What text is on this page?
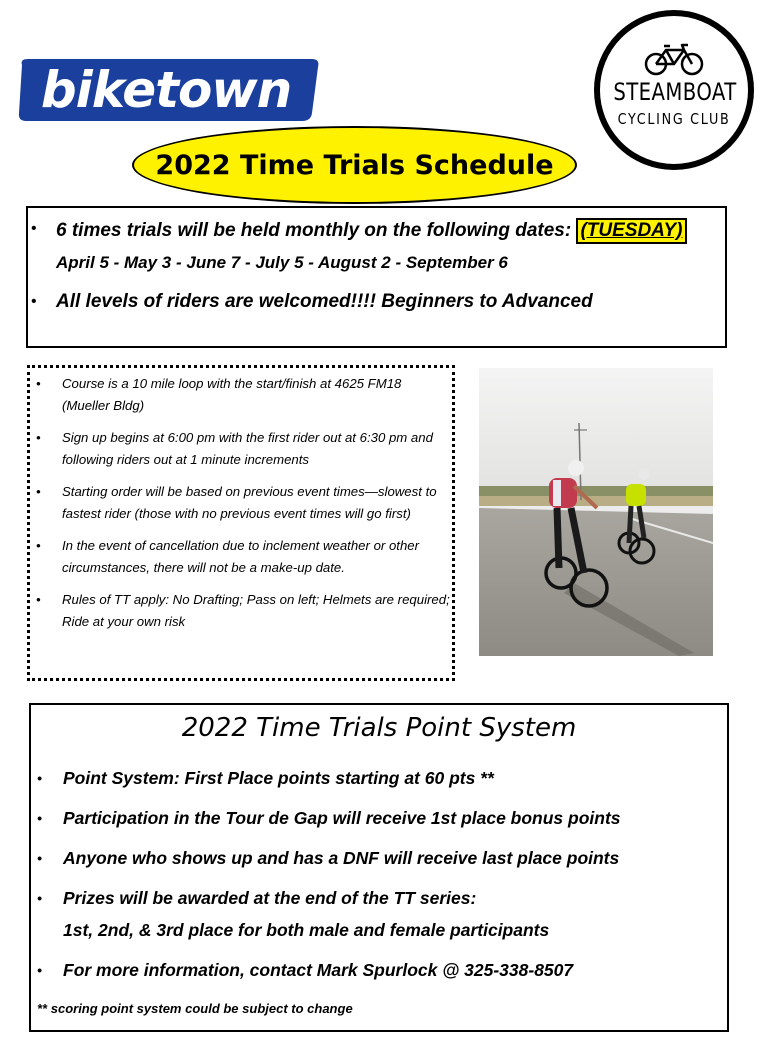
biketown	STEAMBOAT
CYCLING CLUB
2022 Time Trials Schedule
• 6 times trials will be held monthly on the following dates: (TUESDAY)
April 5 - May 3 - June 7 - July 5 - August 2 - September 6
• All levels of riders are welcomed!!!! Beginners to Advanced
• Course is a 10 mile loop with the start/finish at 4625 FM18 (Mueller Bldg)
• Sign up begins at 6:00 pm with the first rider out at 6:30 pm and following riders out at 1 minute increments
• Starting order will be based on previous event times—slowest to fastest rider (those with no previous event times will go first)
• In the event of cancellation due to inclement weather or other circumstances, there will not be a make-up date.
• Rules of TT apply: No Drafting; Pass on left; Helmets are required; Ride at your own risk
2022 Time Trials Point System
• Point System: First Place points starting at 60 pts **
• Participation in the Tour de Gap will receive 1st place bonus points
• Anyone who shows up and has a DNF will receive last place points
• Prizes will be awarded at the end of the TT series:
1st, 2nd, & 3rd place for both male and female participants
• For more information, contact Mark Spurlock @ 325-338-8507
** scoring point system could be subject to change
